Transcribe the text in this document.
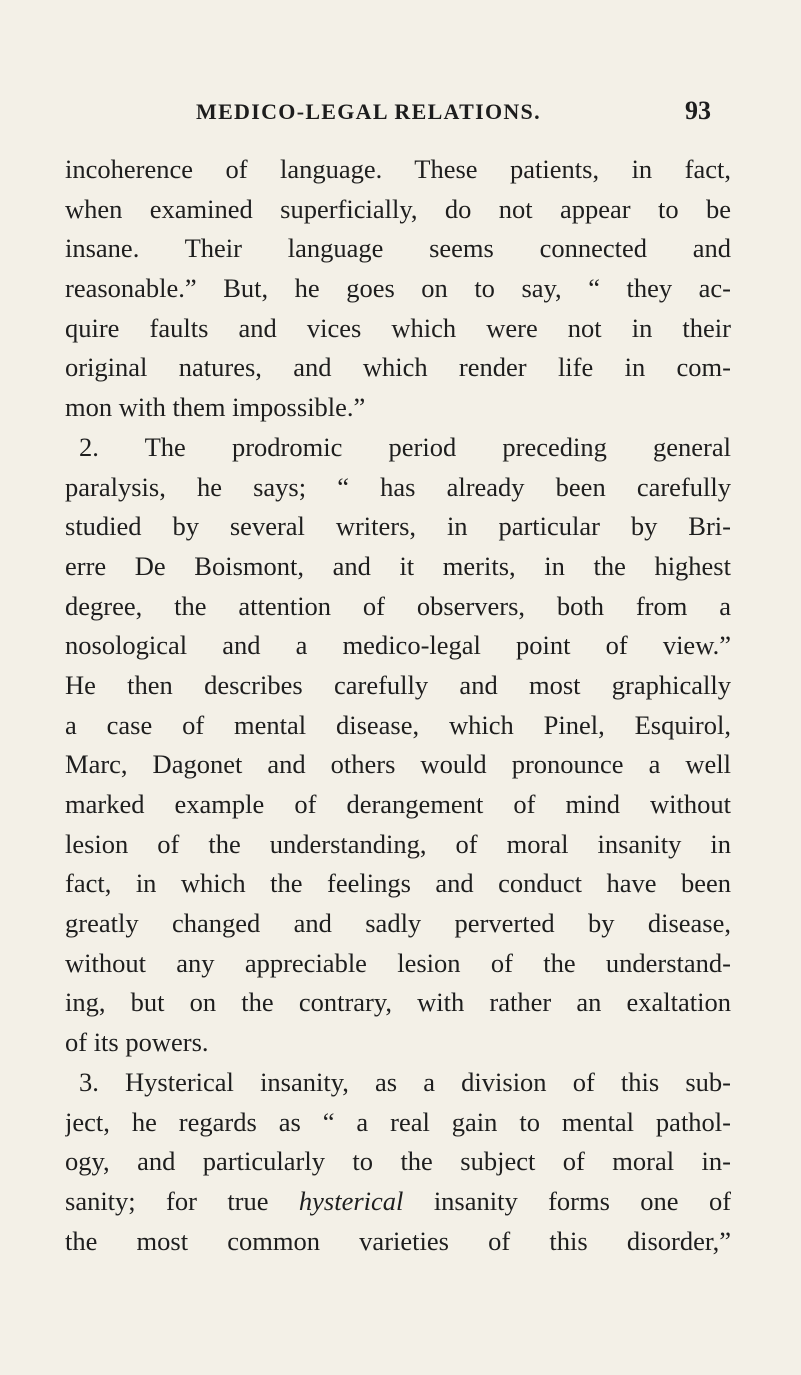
MEDICO-LEGAL RELATIONS.	93
incoherence of language. These patients, in fact,
when examined superficially, do not appear to be
insane. Their language seems connected and
reasonable.” But, he goes on to say, “ they ac-
quire faults and vices which were not in their
original natures, and which render life in com-
mon with them impossible.”
2. The prodromic period preceding general
paralysis, he says; “ has already been carefully
studied by several writers, in particular by Bri-
erre De Boismont, and it merits, in the highest
degree, the attention of observers, both from a
nosological and a medico-legal point of view.”
He then describes carefully and most graphically
a case of mental disease, which Pinel, Esquirol,
Marc, Dagonet and others would pronounce a well
marked example of derangement of mind without
lesion of the understanding, of moral insanity in
fact, in which the feelings and conduct have been
greatly changed and sadly perverted by disease,
without any appreciable lesion of the understand-
ing, but on the contrary, with rather an exaltation
of its powers.
3. Hysterical insanity, as a division of this sub-
ject, he regards as “ a real gain to mental pathol-
ogy, and particularly to the subject of moral in-
sanity; for true hysterical insanity forms one of
the most common varieties of this disorder,”
